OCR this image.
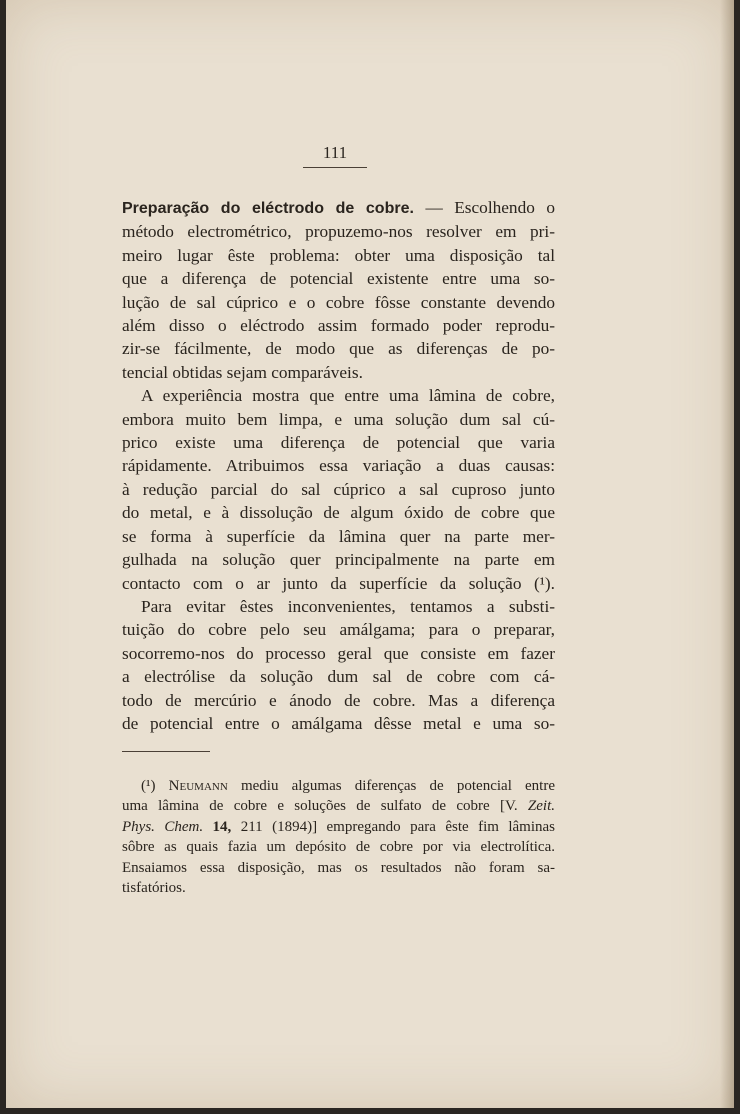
111
Preparação do eléctrodo de cobre. — Escolhendo o
método electrométrico, propuzemo-nos resolver em pri-
meiro lugar êste problema: obter uma disposição tal
que a diferença de potencial existente entre uma so-
lução de sal cúprico e o cobre fôsse constante devendo
além disso o eléctrodo assim formado poder reprodu-
zir-se fácilmente, de modo que as diferenças de po-
tencial obtidas sejam comparáveis.
A experiência mostra que entre uma lâmina de cobre,
embora muito bem limpa, e uma solução dum sal cú-
prico existe uma diferença de potencial que varia
rápidamente. Atribuimos essa variação a duas causas:
à redução parcial do sal cúprico a sal cuproso junto
do metal, e à dissolução de algum óxido de cobre que
se forma à superfície da lâmina quer na parte mer-
gulhada na solução quer principalmente na parte em
contacto com o ar junto da superfície da solução (¹).
Para evitar êstes inconvenientes, tentamos a substi-
tuição do cobre pelo seu amálgama; para o preparar,
socorremo-nos do processo geral que consiste em fazer
a electrólise da solução dum sal de cobre com cá-
todo de mercúrio e ánodo de cobre. Mas a diferença
de potencial entre o amálgama dêsse metal e uma so-
(¹) Neumann mediu algumas diferenças de potencial entre
uma lâmina de cobre e soluções de sulfato de cobre [V. Zeit.
Phys. Chem. 14, 211 (1894)] empregando para êste fim lâminas
sôbre as quais fazia um depósito de cobre por via electrolítica.
Ensaiamos essa disposição, mas os resultados não foram sa-
tisfatórios.
